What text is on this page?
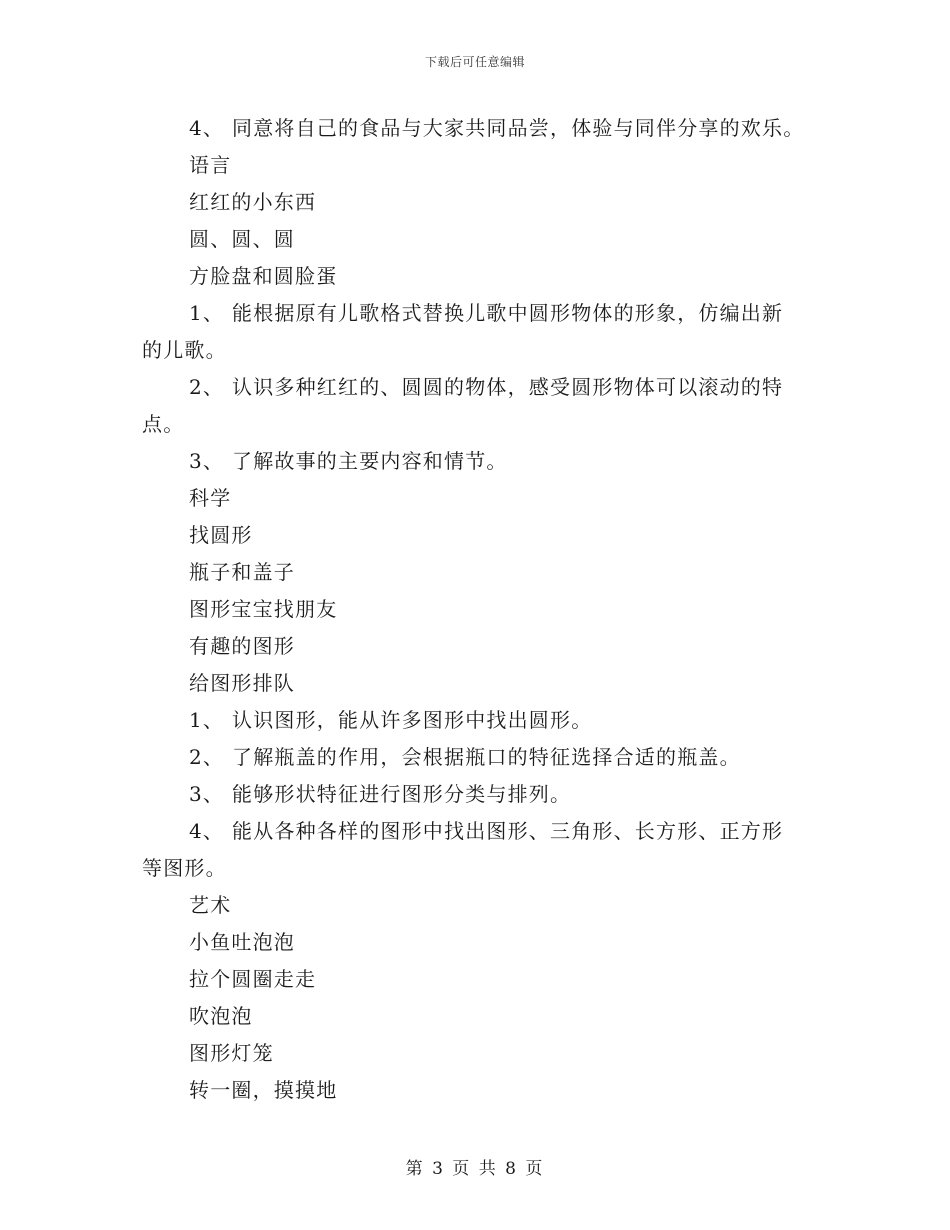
下载后可任意编辑
4、 同意将自己的食品与大家共同品尝，体验与同伴分享的欢乐。
语言
红红的小东西
圆、圆、圆
方脸盘和圆脸蛋
1、 能根据原有儿歌格式替换儿歌中圆形物体的形象，仿编出新
的儿歌。
2、 认识多种红红的、圆圆的物体，感受圆形物体可以滚动的特
点。
3、 了解故事的主要内容和情节。
科学
找圆形
瓶子和盖子
图形宝宝找朋友
有趣的图形
给图形排队
1、 认识图形，能从许多图形中找出圆形。
2、 了解瓶盖的作用，会根据瓶口的特征选择合适的瓶盖。
3、 能够形状特征进行图形分类与排列。
4、 能从各种各样的图形中找出图形、三角形、长方形、正方形
等图形。
艺术
小鱼吐泡泡
拉个圆圈走走
吹泡泡
图形灯笼
转一圈，摸摸地
第 3 页 共 8 页
